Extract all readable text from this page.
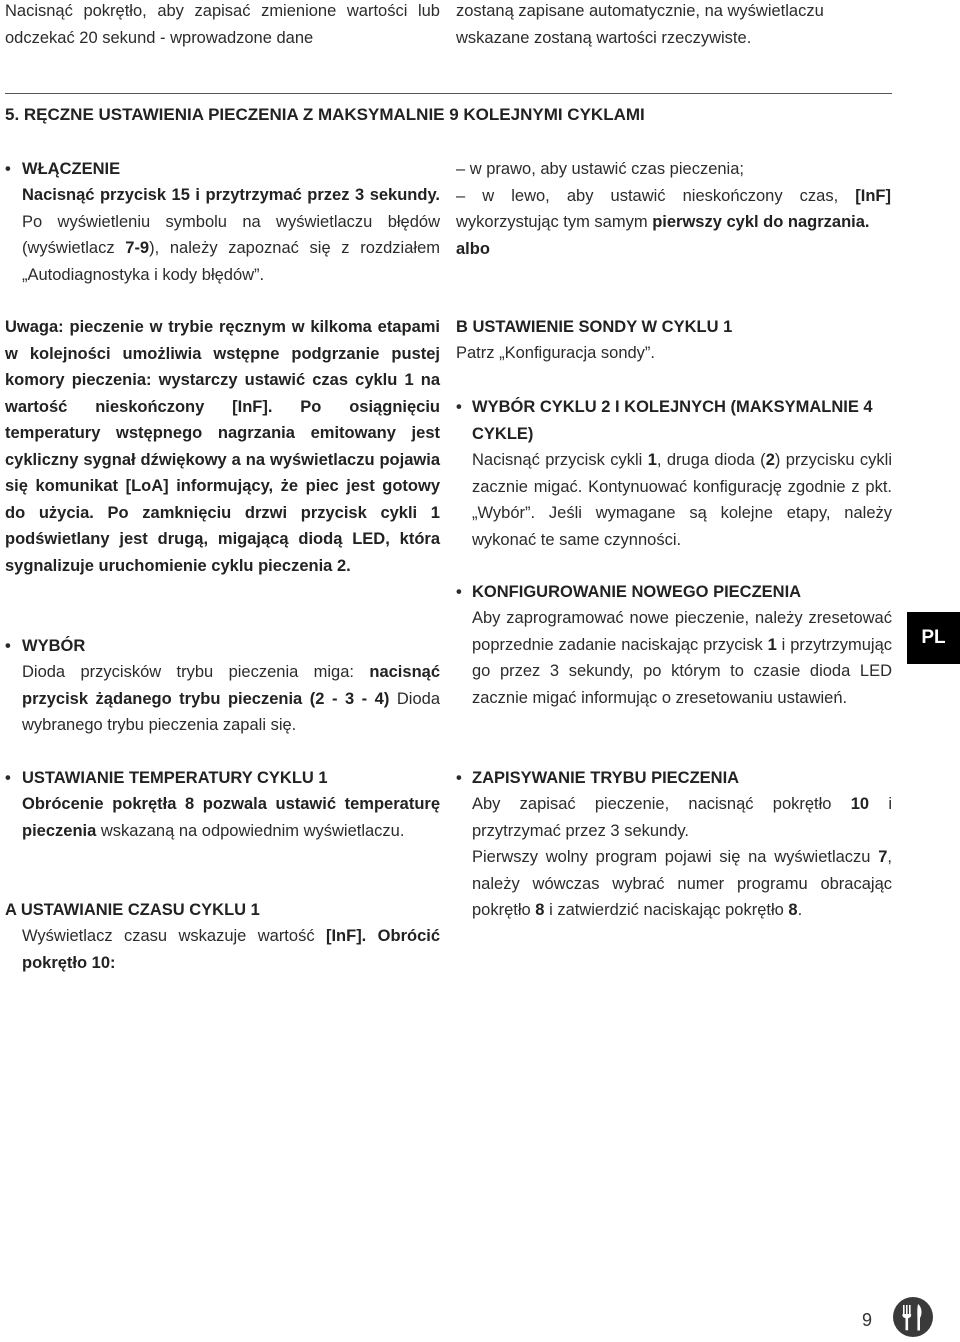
Nacisnąć pokrętło, aby zapisać zmienione wartości lub odczekać 20 sekund - wprowadzone dane

zostaną zapisane automatycznie, na wyświetlaczu wskazane zostaną wartości rzeczywiste.

5. RĘCZNE USTAWIENIA PIECZENIA Z MAKSYMALNIE 9 KOLEJNYMI CYKLAMI
• WŁĄCZENIE

Nacisnąć przycisk 15 i przytrzymać przez 3 sekundy. Po wyświetleniu symbolu na wyświetlaczu błędów (wyświetlacz 7-9), należy zapoznać się z rozdziałem „Autodiagnostyka i kody błędów”.

Uwaga: pieczenie w trybie ręcznym w kilkoma etapami w kolejności umożliwia wstępne podgrzanie pustej komory pieczenia: wystarczy ustawić czas cyklu 1 na wartość nieskończony [InF]. Po osiągnięciu temperatury wstępnego nagrzania emitowany jest cykliczny sygnał dźwiękowy a na wyświetlaczu pojawia się komunikat [LoA] informujący, że piec jest gotowy do użycia. Po zamknięciu drzwi przycisk cykli 1 podświetlany jest drugą, migającą diodą LED, która sygnalizuje uruchomienie cyklu pieczenia 2.

• WYBÓR

Dioda przycisków trybu pieczenia miga: nacisnąć przycisk żądanego trybu pieczenia (2 - 3 - 4) Dioda wybranego trybu pieczenia zapali się.

• USTAWIANIE TEMPERATURY CYKLU 1

Obrócenie pokrętła 8 pozwala ustawić temperaturę pieczenia wskazaną na odpowiednim wyświetlaczu.

A USTAWIANIE CZASU CYKLU 1

Wyświetlacz czasu wskazuje wartość [InF]. Obrócić pokrętło 10:

– w prawo, aby ustawić czas pieczenia;
– w lewo, aby ustawić nieskończony czas, [InF]
wykorzystując tym samym pierwszy cykl do nagrzania.
albo
B USTAWIENIE SONDY W CYKLU 1

Patrz „Konfiguracja sondy”.

• WYBÓR CYKLU 2 I KOLEJNYCH (MAKSYMALNIE 4 CYKLE)

Nacisnąć przycisk cykli 1, druga dioda (2) przycisku cykli zacznie migać. Kontynuować konfigurację zgodnie z pkt. „Wybór”. Jeśli wymagane są kolejne etapy, należy wykonać te same czynności.

• KONFIGUROWANIE NOWEGO PIECZENIA

Aby zaprogramować nowe pieczenie, należy zresetować poprzednie zadanie naciskając przycisk 1 i przytrzymując go przez 3 sekundy, po którym to czasie dioda LED zacznie migać informując o zresetowaniu ustawień.

• ZAPISYWANIE TRYBU PIECZENIA

Aby zapisać pieczenie, nacisnąć pokrętło 10 i przytrzymać przez 3 sekundy.

Pierwszy wolny program pojawi się na wyświetlaczu 7, należy wówczas wybrać numer programu obracając pokrętło 8 i zatwierdzić naciskając pokrętło 8.

PL
9
